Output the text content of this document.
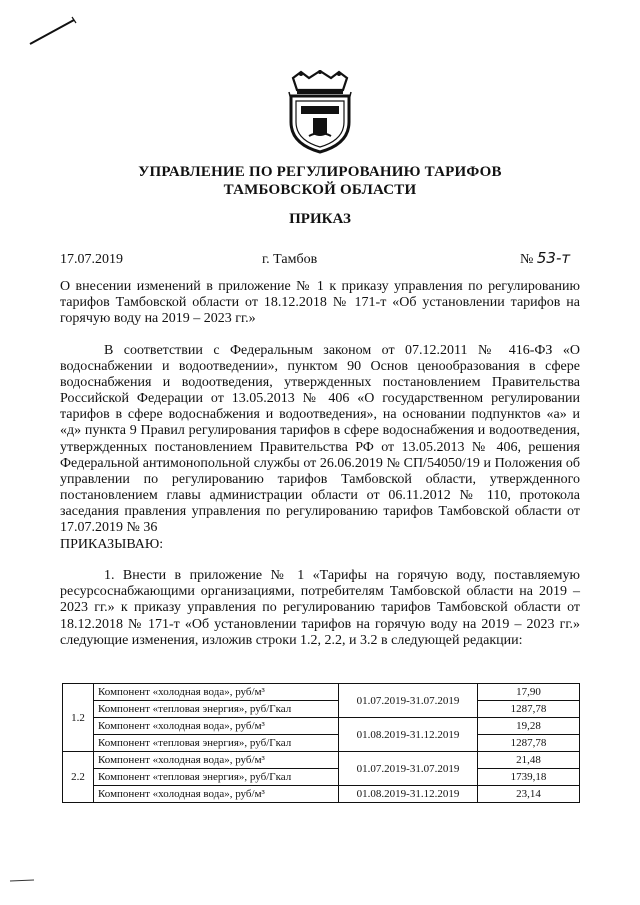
УПРАВЛЕНИЕ ПО РЕГУЛИРОВАНИЮ ТАРИФОВ
ТАМБОВСКОЙ ОБЛАСТИ
ПРИКАЗ
17.07.2019	г. Тамбов	№ 53-т
О внесении изменений в приложение № 1 к приказу управления по регулированию тарифов Тамбовской области от 18.12.2018 № 171-т «Об установлении тарифов на горячую воду на 2019 – 2023 гг.»
В соответствии с Федеральным законом от 07.12.2011 № 416-ФЗ «О водоснабжении и водоотведении», пунктом 90 Основ ценообразования в сфере водоснабжения и водоотведения, утвержденных постановлением Правительства Российской Федерации от 13.05.2013 № 406 «О государственном регулировании тарифов в сфере водоснабжения и водоотведения», на основании подпунктов «а» и «д» пункта 9 Правил регулирования тарифов в сфере водоснабжения и водоотведения, утвержденных постановлением Правительства РФ от 13.05.2013 № 406, решения Федеральной антимонопольной службы от 26.06.2019 № СП/54050/19 и Положения об управлении по регулированию тарифов Тамбовской области, утвержденного постановлением главы администрации области от 06.11.2012 № 110, протокола заседания правления управления по регулированию тарифов Тамбовской области от 17.07.2019 № 36
ПРИКАЗЫВАЮ:
1. Внести в приложение № 1 «Тарифы на горячую воду, поставляемую ресурсоснабжающими организациями, потребителям Тамбовской области на 2019 – 2023 гг.» к приказу управления по регулированию тарифов Тамбовской области от 18.12.2018 № 171-т «Об установлении тарифов на горячую воду на 2019 – 2023 гг.» следующие изменения, изложив строки 1.2, 2.2, и 3.2 в следующей редакции:
1.2	Компонент «холодная вода», руб/м³	01.07.2019-31.07.2019	17,90
	Компонент «тепловая энергия», руб/Гкал		1287,78
	Компонент «холодная вода», руб/м³	01.08.2019-31.12.2019	19,28
	Компонент «тепловая энергия», руб/Гкал		1287,78
2.2	Компонент «холодная вода», руб/м³	01.07.2019-31.07.2019	21,48
	Компонент «тепловая энергия», руб/Гкал		1739,18
	Компонент «холодная вода», руб/м³	01.08.2019-31.12.2019	23,14
